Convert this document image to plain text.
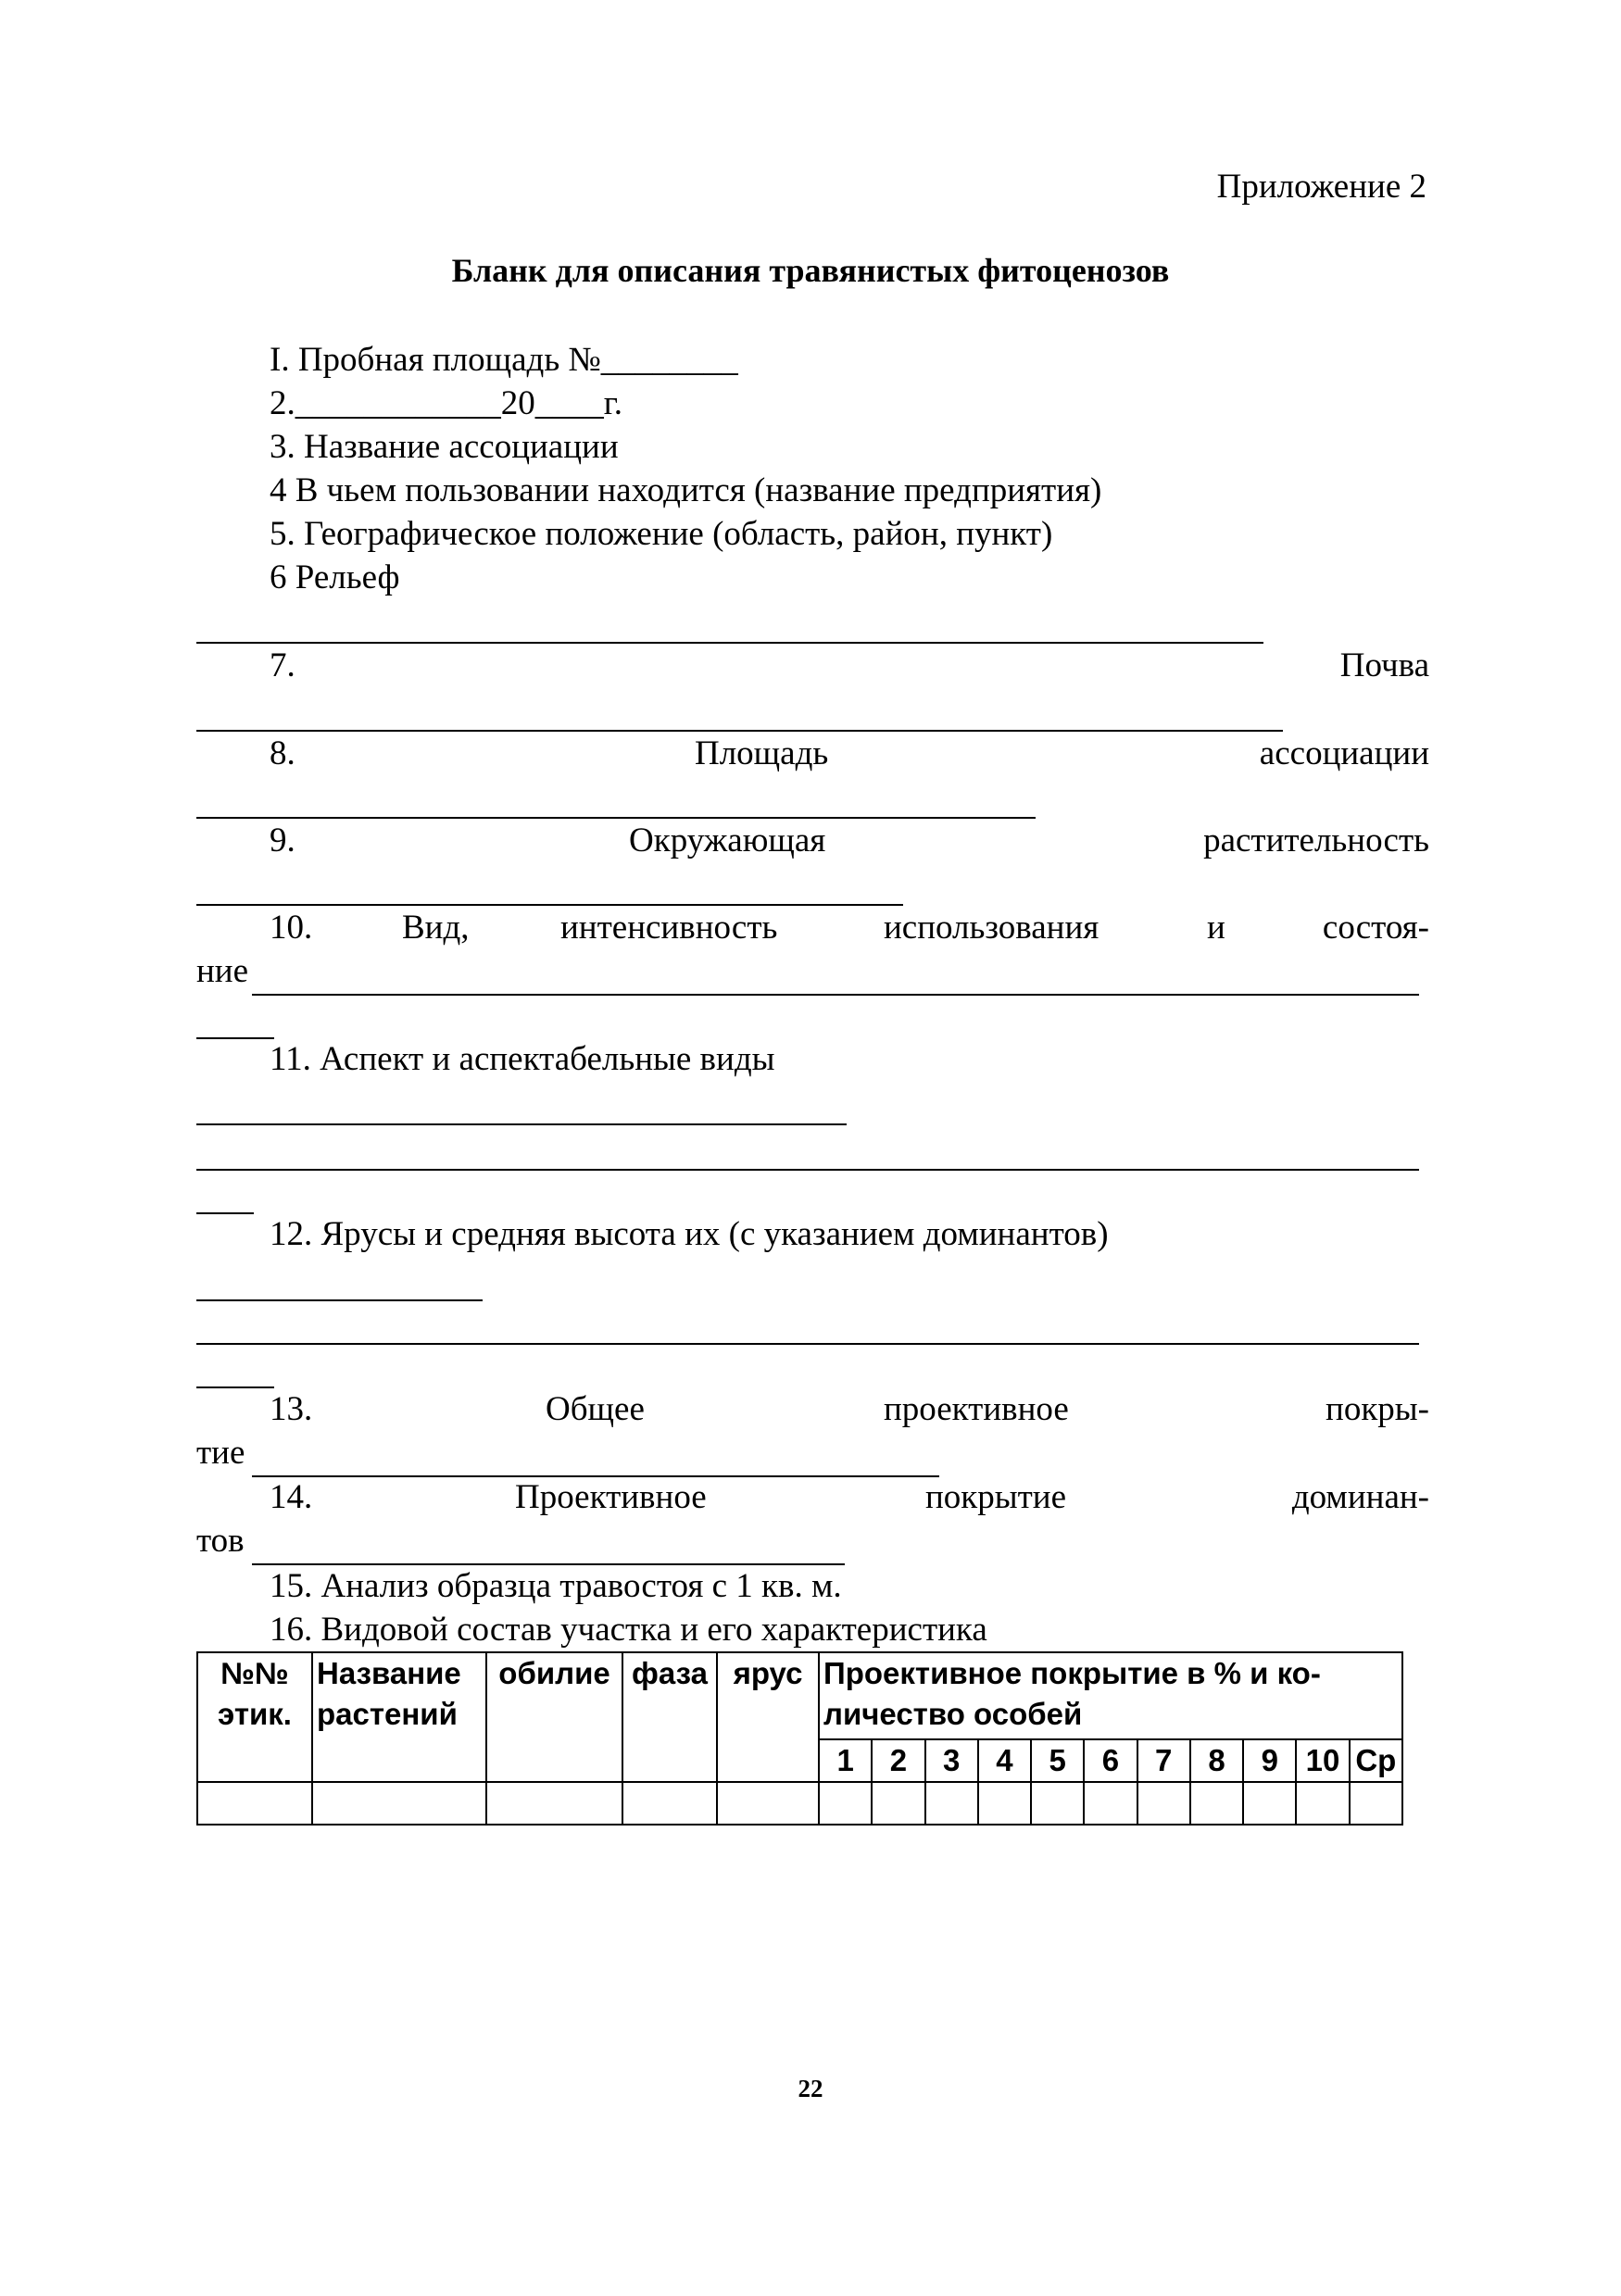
Приложение 2
Бланк для описания травянистых фитоценозов
I. Пробная площадь №________
2.____________20____г.
3. Название ассоциации
4 В чьем пользовании находится (название предприятия)
5. Географическое положение (область, район, пункт)
6 Рельеф
7.	Почва
8.	Площадь	ассоциации
9.	Окружающая	растительность
10.	Вид,	интенсивность	использования	и	состоя-
ние
11. Аспект и аспектабельные виды
12. Ярусы и средняя высота их (с указанием доминантов)
13.	Общее	проективное	покры-
тие
14.	Проективное	покрытие	доминан-
тов
15. Анализ образца травостоя с 1 кв. м.
16. Видовой состав участка и его характеристика
№№ этик.	Название растений	обилие	фаза	ярус	Проективное покрытие в % и ко-личество особей										
					1	2	3	4	5	6	7	8	9	10	Ср

22
